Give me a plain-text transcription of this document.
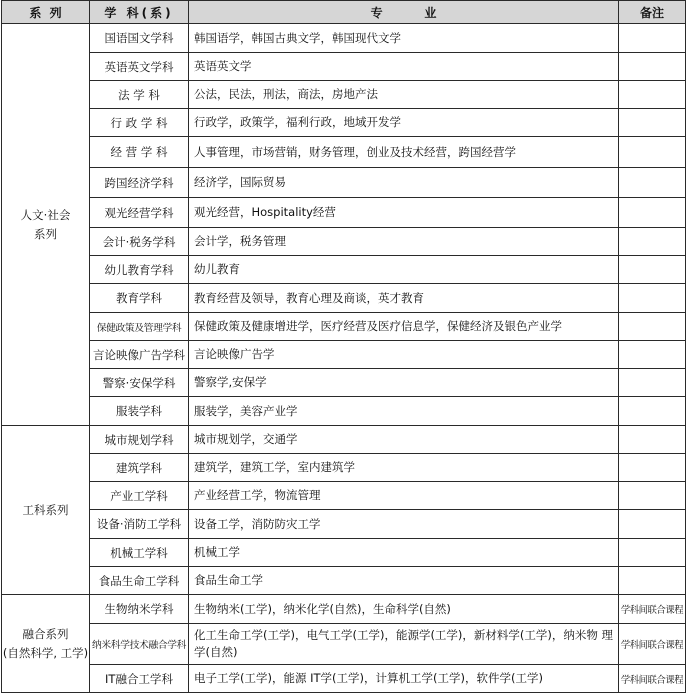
系  列	学 科(系)	专          业	备注
人文·社会
系列	国语国文学科	韩国语学，韩国古典文学，韩国现代文学	
	英语英文学科	英语英文学	
	法 学 科	公法，民法，刑法，商法，房地产法	
	行 政 学 科	行政学，政策学，福利行政，地域开发学	
	经 营 学 科	人事管理，市场营销，财务管理，创业及技术经营，跨国经营学	
	跨国经济学科	经济学，国际贸易	
	观光经营学科	观光经营，Hospitality经营	
	会计·税务学科	会计学，税务管理	
	幼儿教育学科	幼儿教育	
	教育学科	教育经营及领导，教育心理及商谈，英才教育	
	保健政策及管理学科	保健政策及健康增进学，医疗经营及医疗信息学，保健经济及银色产业学	
	言论映像广告学科	言论映像广告学	
	警察·安保学科	警察学,安保学	
	服装学科	服装学，美容产业学	
工科系列	城市规划学科	城市规划学，交通学	
	建筑学科	建筑学，建筑工学，室内建筑学	
	产业工学科	产业经营工学，物流管理	
	设备·消防工学科	设备工学，消防防灾工学	
	机械工学科	机械工学	
	食品生命工学科	食品生命工学	
融合系列
(自然科学, 工学)	生物纳米学科	生物纳米(工学)，纳米化学(自然)，生命科学(自然)	学科间联合课程
	纳米科学技术融合学科	化工生命工学(工学)，电气工学(工学)，能源学(工学)，新材料学(工学)，纳米物 理学(自然)	学科间联合课程
	IT融合工学科	电子工学(工学)，能源 IT学(工学)，计算机工学(工学)，软件学(工学)	学科间联合课程
